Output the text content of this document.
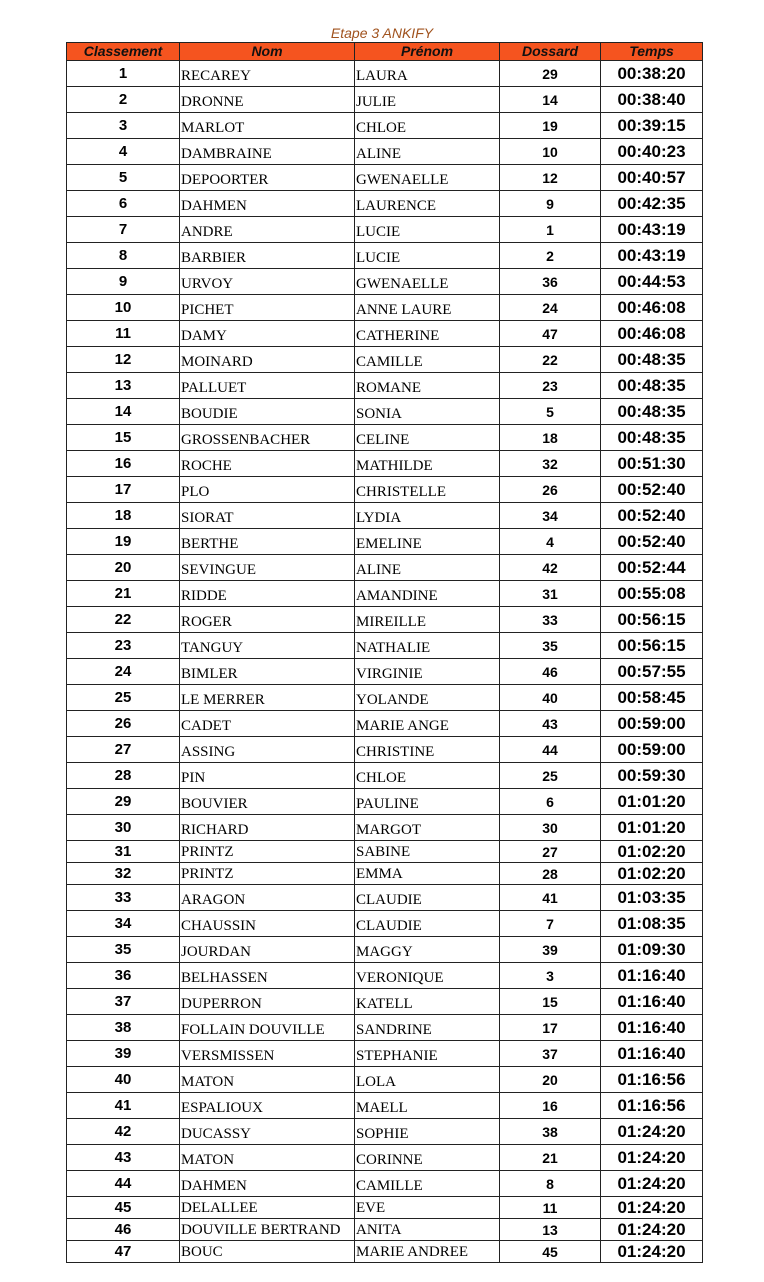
Etape 3 ANKIFY
Classement	Nom	Prénom	Dossard	Temps
1	RECAREY	LAURA	29	00:38:20
2	DRONNE	JULIE	14	00:38:40
3	MARLOT	CHLOE	19	00:39:15
4	DAMBRAINE	ALINE	10	00:40:23
5	DEPOORTER	GWENAELLE	12	00:40:57
6	DAHMEN	LAURENCE	9	00:42:35
7	ANDRE	LUCIE	1	00:43:19
8	BARBIER	LUCIE	2	00:43:19
9	URVOY	GWENAELLE	36	00:44:53
10	PICHET	ANNE LAURE	24	00:46:08
11	DAMY	CATHERINE	47	00:46:08
12	MOINARD	CAMILLE	22	00:48:35
13	PALLUET	ROMANE	23	00:48:35
14	BOUDIE	SONIA	5	00:48:35
15	GROSSENBACHER	CELINE	18	00:48:35
16	ROCHE	MATHILDE	32	00:51:30
17	PLO	CHRISTELLE	26	00:52:40
18	SIORAT	LYDIA	34	00:52:40
19	BERTHE	EMELINE	4	00:52:40
20	SEVINGUE	ALINE	42	00:52:44
21	RIDDE	AMANDINE	31	00:55:08
22	ROGER	MIREILLE	33	00:56:15
23	TANGUY	NATHALIE	35	00:56:15
24	BIMLER	VIRGINIE	46	00:57:55
25	LE MERRER	YOLANDE	40	00:58:45
26	CADET	MARIE ANGE	43	00:59:00
27	ASSING	CHRISTINE	44	00:59:00
28	PIN	CHLOE	25	00:59:30
29	BOUVIER	PAULINE	6	01:01:20
30	RICHARD	MARGOT	30	01:01:20
31	PRINTZ	SABINE	27	01:02:20
32	PRINTZ	EMMA	28	01:02:20
33	ARAGON	CLAUDIE	41	01:03:35
34	CHAUSSIN	CLAUDIE	7	01:08:35
35	JOURDAN	MAGGY	39	01:09:30
36	BELHASSEN	VERONIQUE	3	01:16:40
37	DUPERRON	KATELL	15	01:16:40
38	FOLLAIN DOUVILLE	SANDRINE	17	01:16:40
39	VERSMISSEN	STEPHANIE	37	01:16:40
40	MATON	LOLA	20	01:16:56
41	ESPALIOUX	MAELL	16	01:16:56
42	DUCASSY	SOPHIE	38	01:24:20
43	MATON	CORINNE	21	01:24:20
44	DAHMEN	CAMILLE	8	01:24:20
45	DELALLEE	EVE	11	01:24:20
46	DOUVILLE BERTRAND	ANITA	13	01:24:20
47	BOUC	MARIE ANDREE	45	01:24:20
